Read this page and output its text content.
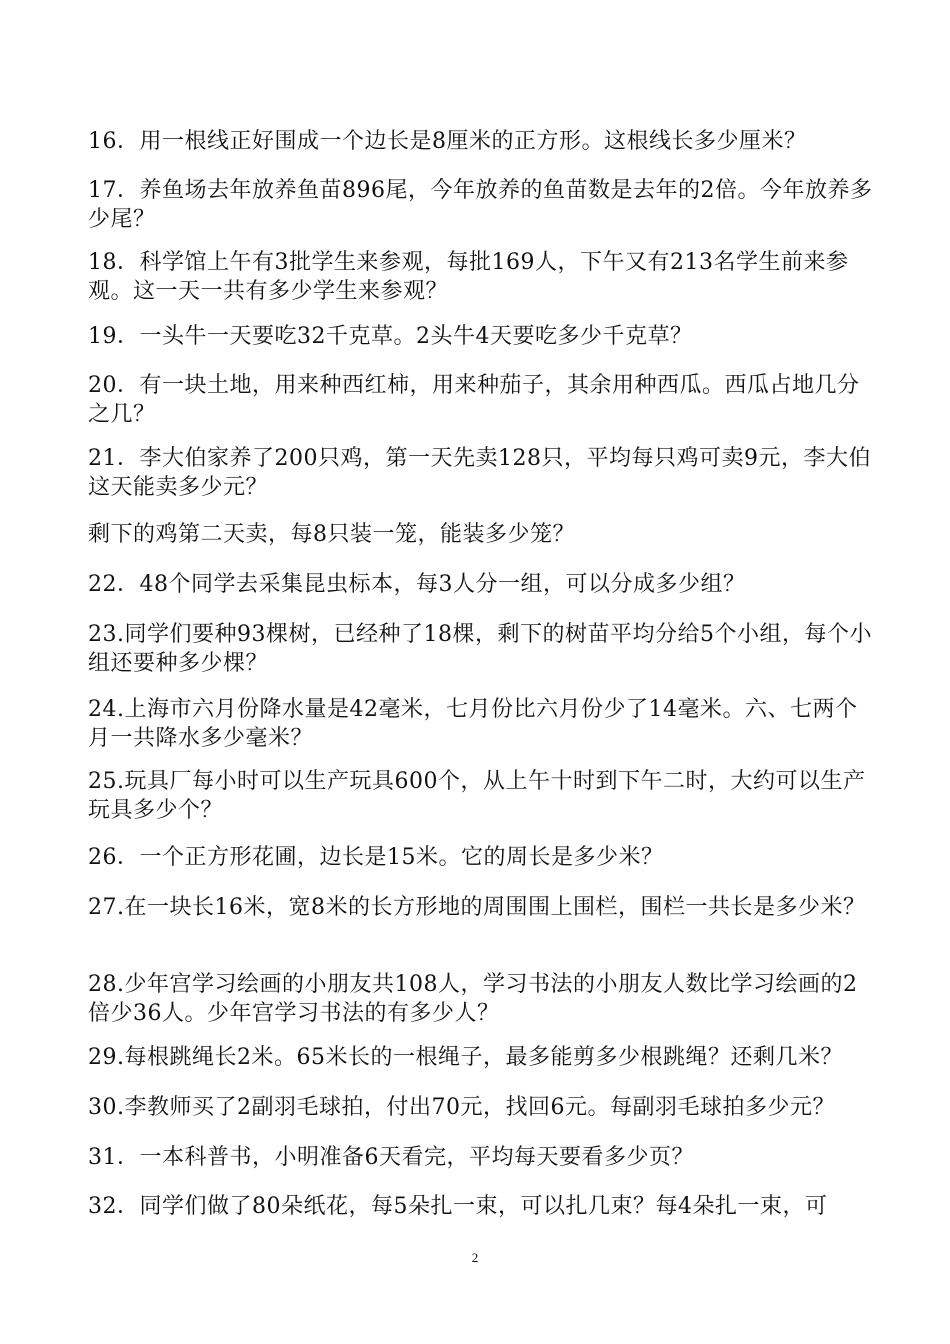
16．用一根线正好围成一个边长是8厘米的正方形。这根线长多少厘米？
17．养鱼场去年放养鱼苗896尾，今年放养的鱼苗数是去年的2倍。今年放养多少尾？
18．科学馆上午有3批学生来参观，每批169人，下午又有213名学生前来参观。这一天一共有多少学生来参观？
19．一头牛一天要吃32千克草。2头牛4天要吃多少千克草？
20．有一块土地，用来种西红柿，用来种茄子，其余用种西瓜。西瓜占地几分之几？
21．李大伯家养了200只鸡，第一天先卖128只，平均每只鸡可卖9元，李大伯这天能卖多少元？
剩下的鸡第二天卖，每8只装一笼，能装多少笼？
22．48个同学去采集昆虫标本，每3人分一组，可以分成多少组？
23.同学们要种93棵树，已经种了18棵，剩下的树苗平均分给5个小组，每个小组还要种多少棵？
24.上海市六月份降水量是42毫米，七月份比六月份少了14毫米。六、七两个月一共降水多少毫米？
25.玩具厂每小时可以生产玩具600个，从上午十时到下午二时，大约可以生产玩具多少个？
26．一个正方形花圃，边长是15米。它的周长是多少米？
27.在一块长16米，宽8米的长方形地的周围围上围栏，围栏一共长是多少米？
28.少年宫学习绘画的小朋友共108人，学习书法的小朋友人数比学习绘画的2倍少36人。少年宫学习书法的有多少人？
29.每根跳绳长2米。65米长的一根绳子，最多能剪多少根跳绳？还剩几米？
30.李教师买了2副羽毛球拍，付出70元，找回6元。每副羽毛球拍多少元？
31．一本科普书，小明准备6天看完，平均每天要看多少页？
32．同学们做了80朵纸花，每5朵扎一束，可以扎几束？每4朵扎一束，可
2
